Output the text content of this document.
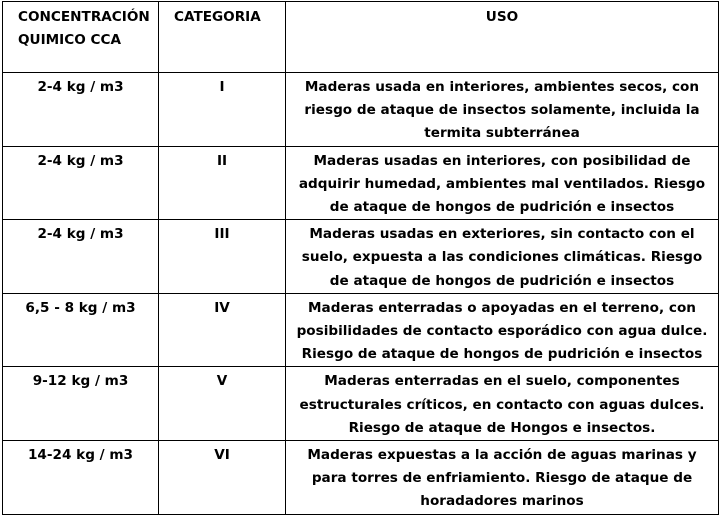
CONCENTRACIÓN
QUIMICO CCA	CATEGORIA	USO
2-4 kg / m3	I	Maderas usada en interiores, ambientes secos, con riesgo de ataque de insectos solamente, incluida la termita subterránea
2-4 kg / m3	II	Maderas usadas en interiores, con posibilidad de adquirir humedad, ambientes mal ventilados. Riesgo de ataque de hongos de pudrición e insectos
2-4 kg / m3	III	Maderas usadas en exteriores, sin contacto con el suelo, expuesta a las condiciones climáticas. Riesgo de ataque de hongos de pudrición e insectos
6,5 - 8 kg / m3	IV	Maderas enterradas o apoyadas en el terreno, con posibilidades de contacto esporádico con agua dulce. Riesgo de ataque de hongos de pudrición e insectos
9-12 kg / m3	V	Maderas enterradas en el suelo, componentes estructurales críticos, en contacto con aguas dulces. Riesgo de ataque de Hongos e insectos.
14-24 kg / m3	VI	Maderas expuestas a la acción de aguas marinas y para torres de enfriamiento. Riesgo de ataque de horadadores marinos
